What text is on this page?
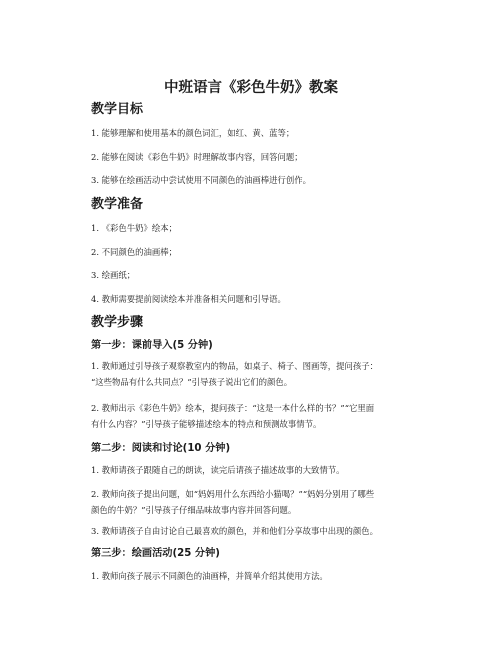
中班语言《彩色牛奶》教案
教学目标
1. 能够理解和使用基本的颜色词汇，如红、黄、蓝等；
2. 能够在阅读《彩色牛奶》时理解故事内容，回答问题；
3. 能够在绘画活动中尝试使用不同颜色的油画棒进行创作。
教学准备
1. 《彩色牛奶》绘本；
2. 不同颜色的油画棒；
3. 绘画纸；
4. 教师需要提前阅读绘本并准备相关问题和引导语。
教学步骤
第一步：课前导入(5 分钟)
1. 教师通过引导孩子观察教室内的物品，如桌子、椅子、图画等，提问孩子：
“这些物品有什么共同点？”引导孩子说出它们的颜色。
2. 教师出示《彩色牛奶》绘本，提问孩子：“这是一本什么样的书？”“它里面
有什么内容？”引导孩子能够描述绘本的特点和预测故事情节。
第二步：阅读和讨论(10 分钟)
1. 教师请孩子跟随自己的朗读，读完后请孩子描述故事的大致情节。
2. 教师向孩子提出问题，如“妈妈用什么东西给小猫喝？”“妈妈分别用了哪些
颜色的牛奶？”引导孩子仔细品味故事内容并回答问题。
3. 教师请孩子自由讨论自己最喜欢的颜色，并和他们分享故事中出现的颜色。
第三步：绘画活动(25 分钟)
1. 教师向孩子展示不同颜色的油画棒，并简单介绍其使用方法。
